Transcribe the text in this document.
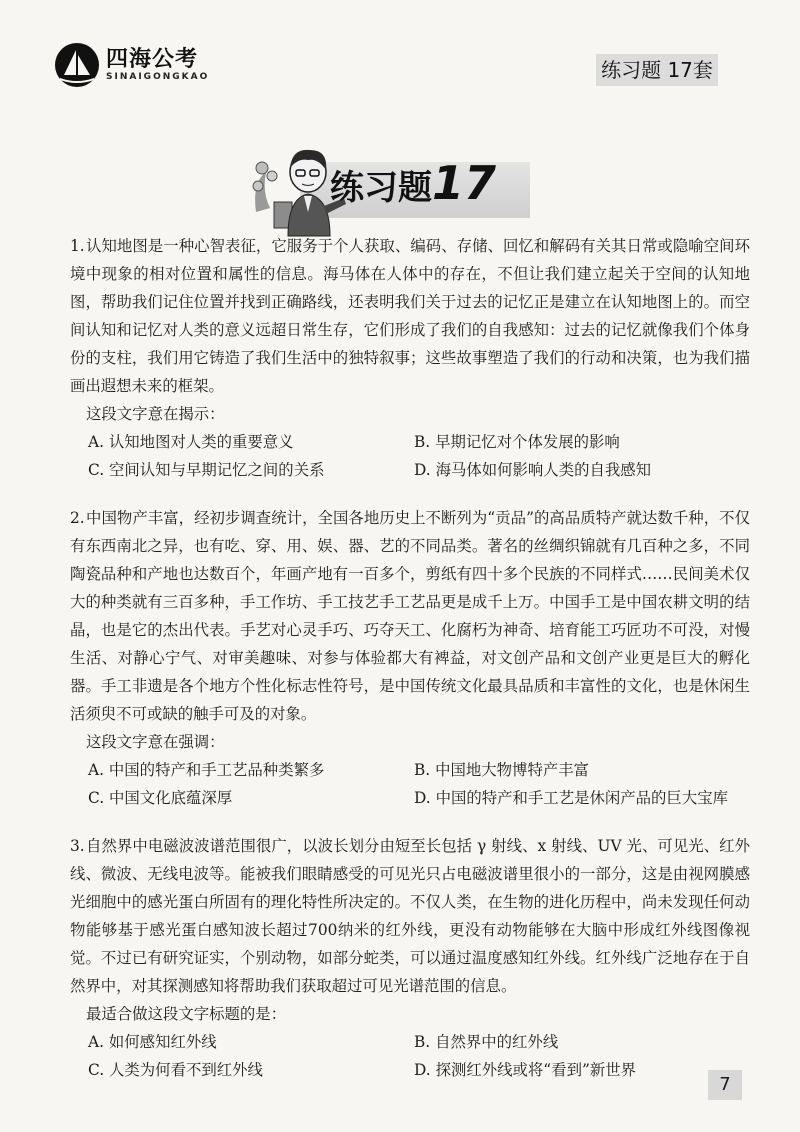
四海公考
SINAIGONGKAO	练习题 17套
练习题17

1.认知地图是一种心智表征，它服务于个人获取、编码、存储、回忆和解码有关其日常或隐喻空间环境中现象的相对位置和属性的信息。海马体在人体中的存在，不但让我们建立起关于空间的认知地图，帮助我们记住位置并找到正确路线，还表明我们关于过去的记忆正是建立在认知地图上的。而空间认知和记忆对人类的意义远超日常生存，它们形成了我们的自我感知：过去的记忆就像我们个体身份的支柱，我们用它铸造了我们生活中的独特叙事；这些故事塑造了我们的行动和决策，也为我们描画出遐想未来的框架。

这段文字意在揭示：

A. 认知地图对人类的重要意义	B. 早期记忆对个体发展的影响
C. 空间认知与早期记忆之间的关系	D. 海马体如何影响人类的自我感知

2.中国物产丰富，经初步调查统计，全国各地历史上不断列为“贡品”的高品质特产就达数千种，不仅有东西南北之异，也有吃、穿、用、娱、器、艺的不同品类。著名的丝绸织锦就有几百种之多，不同陶瓷品种和产地也达数百个，年画产地有一百多个，剪纸有四十多个民族的不同样式……民间美术仅大的种类就有三百多种，手工作坊、手工技艺手工艺品更是成千上万。中国手工是中国农耕文明的结晶，也是它的杰出代表。手艺对心灵手巧、巧夺天工、化腐朽为神奇、培育能工巧匠功不可没，对慢生活、对静心宁气、对审美趣味、对参与体验都大有裨益，对文创产品和文创产业更是巨大的孵化器。手工非遗是各个地方个性化标志性符号，是中国传统文化最具品质和丰富性的文化，也是休闲生活须臾不可或缺的触手可及的对象。

这段文字意在强调：

A. 中国的特产和手工艺品种类繁多	B. 中国地大物博特产丰富
C. 中国文化底蕴深厚	D. 中国的特产和手工艺是休闲产品的巨大宝库

3.自然界中电磁波波谱范围很广，以波长划分由短至长包括 γ 射线、x 射线、UV 光、可见光、红外线、微波、无线电波等。能被我们眼睛感受的可见光只占电磁波谱里很小的一部分，这是由视网膜感光细胞中的感光蛋白所固有的理化特性所决定的。不仅人类，在生物的进化历程中，尚未发现任何动物能够基于感光蛋白感知波长超过700纳米的红外线，更没有动物能够在大脑中形成红外线图像视觉。不过已有研究证实，个别动物，如部分蛇类，可以通过温度感知红外线。红外线广泛地存在于自然界中，对其探测感知将帮助我们获取超过可见光谱范围的信息。

最适合做这段文字标题的是：

A. 如何感知红外线	B. 自然界中的红外线
C. 人类为何看不到红外线	D. 探测红外线或将“看到”新世界
7
